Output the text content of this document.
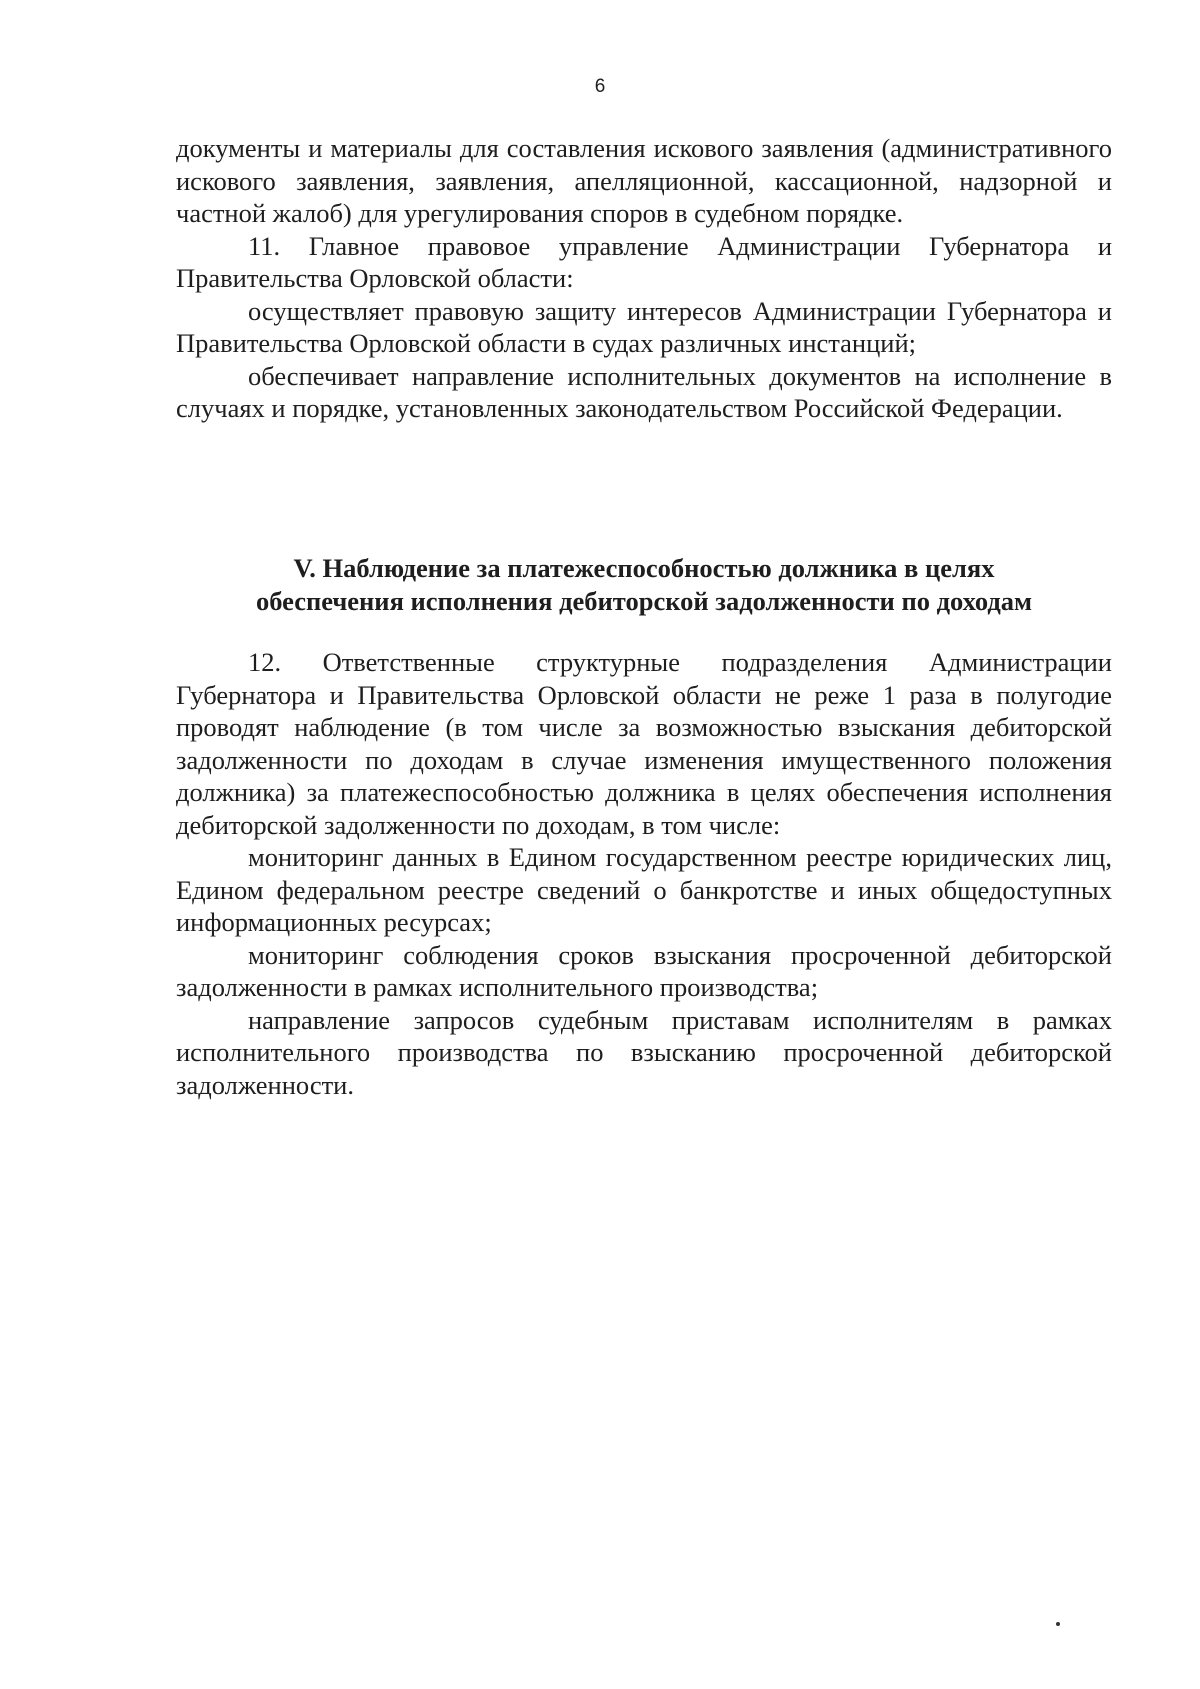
6

документы и материалы для составления искового заявления (административного искового заявления, заявления, апелляционной, кассационной, надзорной и частной жалоб) для урегулирования споров в судебном порядке.

11. Главное правовое управление Администрации Губернатора и Правительства Орловской области:

осуществляет правовую защиту интересов Администрации Губернатора и Правительства Орловской области в судах различных инстанций;

обеспечивает направление исполнительных документов на исполнение в случаях и порядке, установленных законодательством Российской Федерации.

V. Наблюдение за платежеспособностью должника в целях
обеспечения исполнения дебиторской задолженности по доходам

12. Ответственные структурные подразделения Администрации Губернатора и Правительства Орловской области не реже 1 раза в полугодие проводят наблюдение (в том числе за возможностью взыскания дебиторской задолженности по доходам в случае изменения имущественного положения должника) за платежеспособностью должника в целях обеспечения исполнения дебиторской задолженности по доходам, в том числе:

мониторинг данных в Едином государственном реестре юридических лиц, Едином федеральном реестре сведений о банкротстве и иных общедоступных информационных ресурсах;

мониторинг соблюдения сроков взыскания просроченной дебиторской задолженности в рамках исполнительного производства;

направление запросов судебным приставам исполнителям в рамках исполнительного производства по взысканию просроченной дебиторской задолженности.
